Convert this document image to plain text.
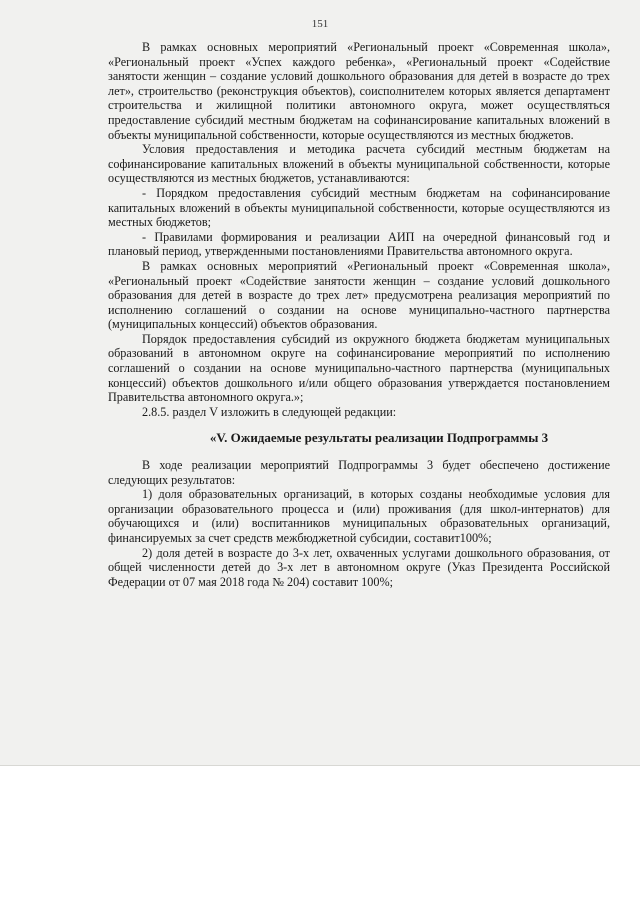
151

В рамках основных мероприятий «Региональный проект «Современная школа», «Региональный проект «Успех каждого ребенка», «Региональный проект «Содействие занятости женщин – создание условий дошкольного образования для детей в возрасте до трех лет», строительство (реконструкция объектов), соисполнителем которых является департамент строительства и жилищной политики автономного округа, может осуществляться предоставление субсидий местным бюджетам на софинансирование капитальных вложений в объекты муниципальной собственности, которые осуществляются из местных бюджетов.

Условия предоставления и методика расчета субсидий местным бюджетам на софинансирование капитальных вложений в объекты муниципальной собственности, которые осуществляются из местных бюджетов, устанавливаются:

- Порядком предоставления субсидий местным бюджетам на софинансирование капитальных вложений в объекты муниципальной собственности, которые осуществляются из местных бюджетов;

- Правилами формирования и реализации АИП на очередной финансовый год и плановый период, утвержденными постановлениями Правительства автономного округа.

В рамках основных мероприятий «Региональный проект «Современная школа», «Региональный проект «Содействие занятости женщин – создание условий дошкольного образования для детей в возрасте до трех лет» предусмотрена реализация мероприятий по исполнению соглашений о создании на основе муниципально-частного партнерства (муниципальных концессий) объектов образования.

Порядок предоставления субсидий из окружного бюджета бюджетам муниципальных образований в автономном округе на софинансирование мероприятий по исполнению соглашений о создании на основе муниципально-частного партнерства (муниципальных концессий) объектов дошкольного и/или общего образования утверждается постановлением Правительства автономного округа.»;

2.8.5. раздел V изложить в следующей редакции:

«V. Ожидаемые результаты реализации Подпрограммы 3

В ходе реализации мероприятий Подпрограммы 3 будет обеспечено достижение следующих результатов:

1) доля образовательных организаций, в которых созданы необходимые условия для организации образовательного процесса и (или) проживания (для школ-интернатов) для обучающихся и (или) воспитанников муниципальных образовательных организаций, финансируемых за счет средств межбюджетной субсидии, составит100%;

2) доля детей в возрасте до 3-х лет, охваченных услугами дошкольного образования, от общей численности детей до 3-х лет в автономном округе (Указ Президента Российской Федерации от 07 мая 2018 года № 204) составит 100%;
